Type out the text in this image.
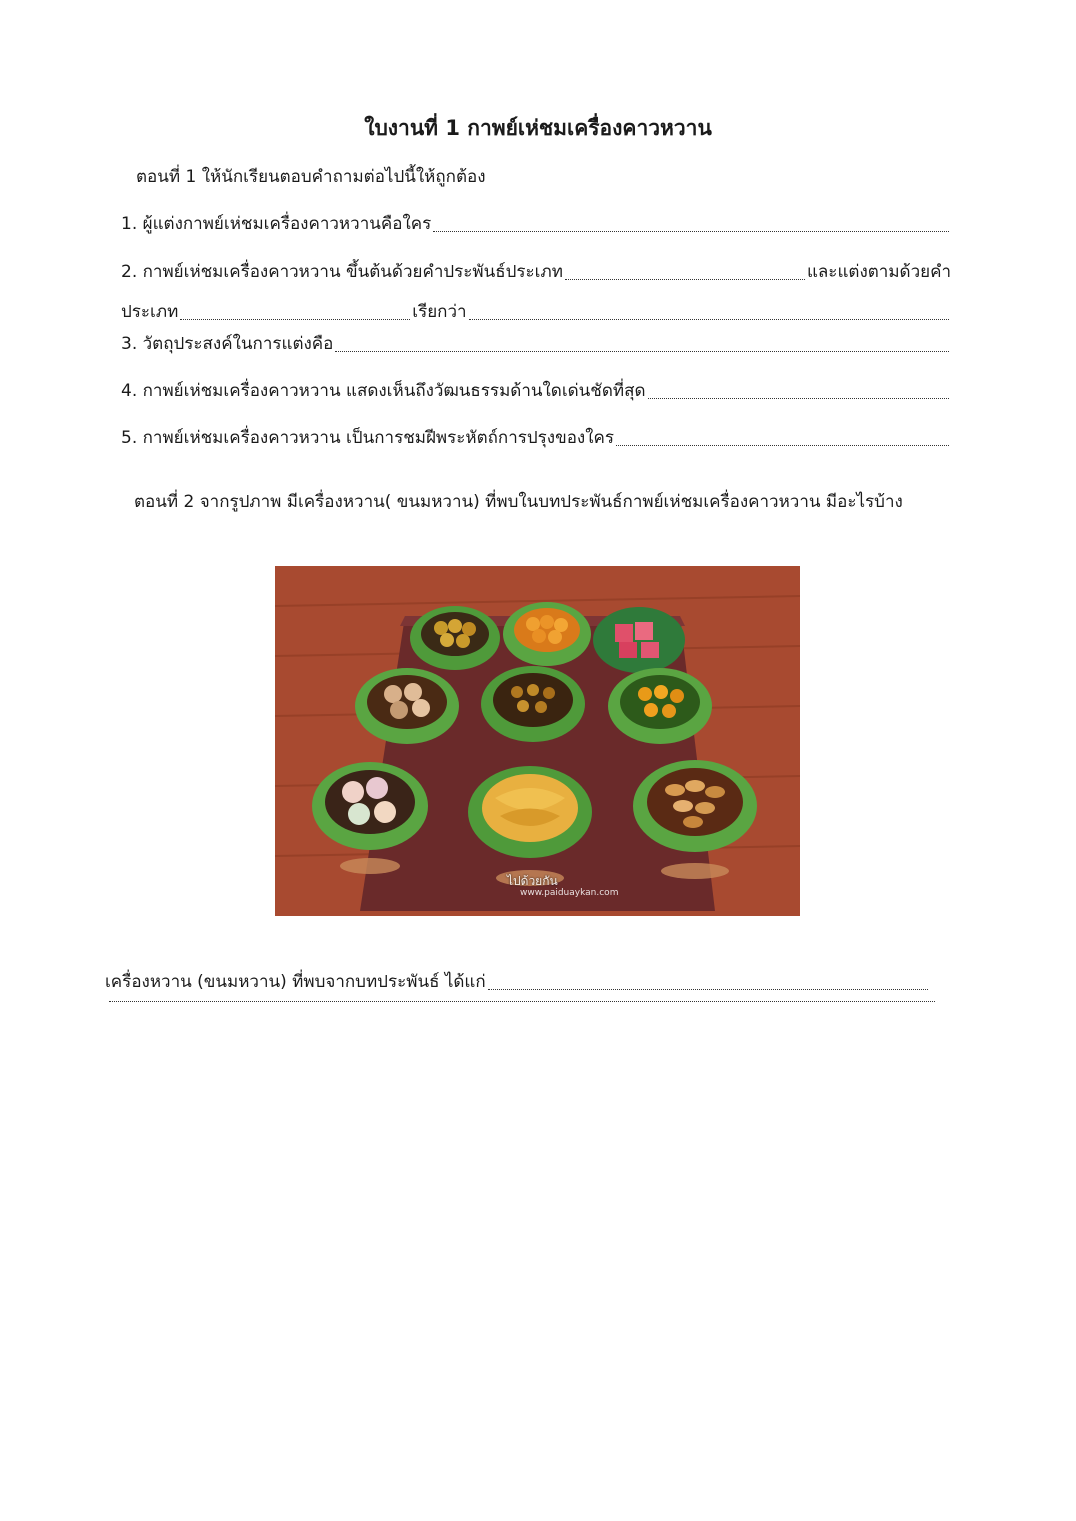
ใบงานที่ 1 กาพย์เห่ชมเครื่องคาวหวาน
ตอนที่ 1 ให้นักเรียนตอบคำถามต่อไปนี้ให้ถูกต้อง
1. ผู้แต่งกาพย์เห่ชมเครื่องคาวหวานคือใคร
2. กาพย์เห่ชมเครื่องคาวหวาน ขึ้นต้นด้วยคำประพันธ์ประเภท	และแต่งตามด้วยคำ
ประเภท	เรียกว่า
3. วัตถุประสงค์ในการแต่งคือ
4. กาพย์เห่ชมเครื่องคาวหวาน แสดงเห็นถึงวัฒนธรรมด้านใดเด่นชัดที่สุด
5. กาพย์เห่ชมเครื่องคาวหวาน เป็นการชมฝีพระหัตถ์การปรุงของใคร
ตอนที่ 2 จากรูปภาพ มีเครื่องหวาน( ขนมหวาน) ที่พบในบทประพันธ์กาพย์เห่ชมเครื่องคาวหวาน มีอะไรบ้าง
ไปด้วยกัน
www.paiduaykan.com
เครื่องหวาน (ขนมหวาน) ที่พบจากบทประพันธ์ ได้แก่
